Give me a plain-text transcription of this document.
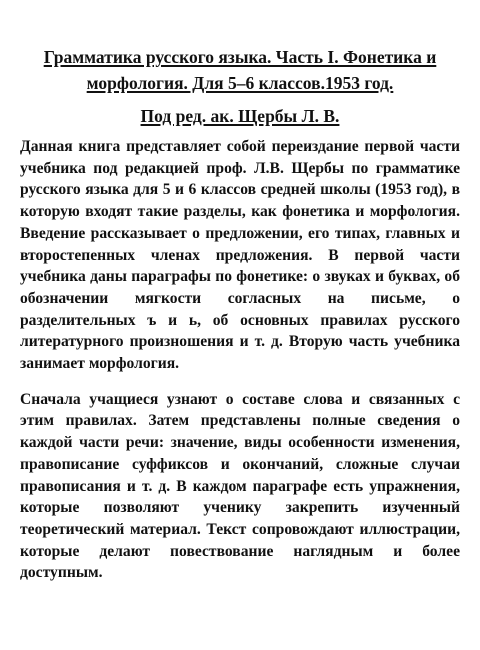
Грамматика русского языка. Часть I. Фонетика и морфология. Для 5–6 классов.1953 год.
Под ред. ак. Щербы Л. В.

Данная книга представляет собой переиздание первой части учебника под редакцией проф. Л.В. Щербы по грамматике русского языка для 5 и 6 классов средней школы (1953 год), в которую входят такие разделы, как фонетика и морфология. Введение рассказывает о предложении, его типах, главных и второстепенных членах предложения. В первой части учебника даны параграфы по фонетике: о звуках и буквах, об обозначении мягкости согласных на письме, о разделительных ъ и ь, об основных правилах русского литературного произношения и т. д. Вторую часть учебника занимает морфология.

Сначала учащиеся узнают о составе слова и связанных с этим правилах. Затем представлены полные сведения о каждой части речи: значение, виды особенности изменения, правописание суффиксов и окончаний, сложные случаи правописания и т. д. В каждом параграфе есть упражнения, которые позволяют ученику закрепить изученный теоретический материал. Текст сопровождают иллюстрации, которые делают повествование наглядным и более доступным.
